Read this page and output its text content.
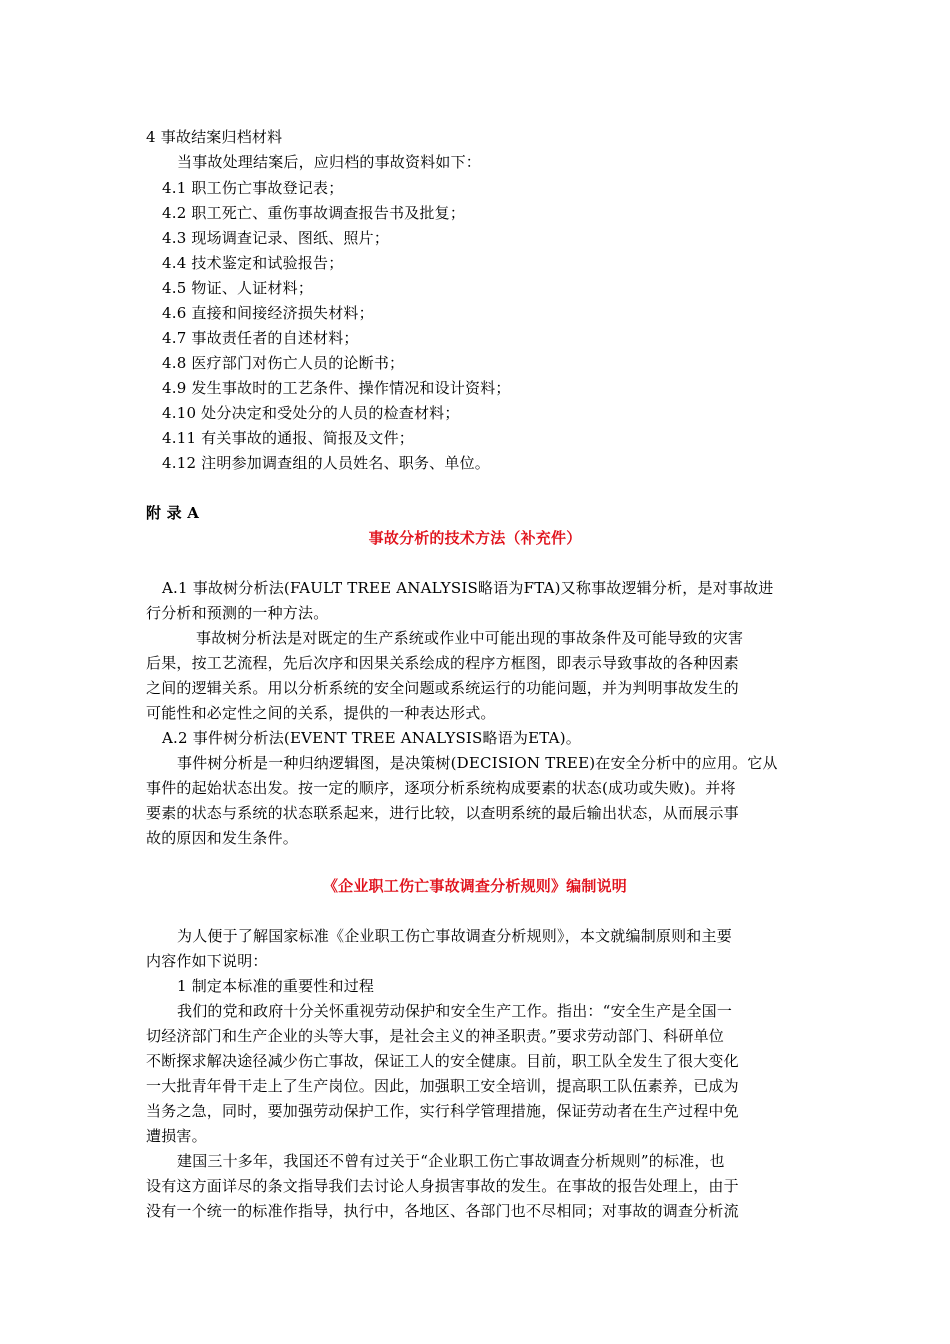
4 事故结案归档材料
当事故处理结案后，应归档的事故资料如下：
4.1 职工伤亡事故登记表；
4.2 职工死亡、重伤事故调查报告书及批复；
4.3 现场调查记录、图纸、照片；
4.4 技术鉴定和试验报告；
4.5 物证、人证材料；
4.6 直接和间接经济损失材料；
4.7 事故责任者的自述材料；
4.8 医疗部门对伤亡人员的论断书；
4.9 发生事故时的工艺条件、操作情况和设计资料；
4.10 处分决定和受处分的人员的检查材料；
4.11 有关事故的通报、简报及文件；
4.12 注明参加调查组的人员姓名、职务、单位。
附 录 A
事故分析的技术方法（补充件）
A.1 事故树分析法(FAULT TREE ANALYSIS略语为FTA)又称事故逻辑分析，是对事故进
行分析和预测的一种方法。
事故树分析法是对既定的生产系统或作业中可能出现的事故条件及可能导致的灾害
后果，按工艺流程，先后次序和因果关系绘成的程序方框图，即表示导致事故的各种因素
之间的逻辑关系。用以分析系统的安全问题或系统运行的功能问题，并为判明事故发生的
可能性和必定性之间的关系，提供的一种表达形式。
A.2 事件树分析法(EVENT TREE ANALYSIS略语为ETA)。
事件树分析是一种归纳逻辑图，是决策树(DECISION TREE)在安全分析中的应用。它从
事件的起始状态出发。按一定的顺序，逐项分析系统构成要素的状态(成功或失败)。并将
要素的状态与系统的状态联系起来，进行比较，以查明系统的最后输出状态，从而展示事
故的原因和发生条件。
《企业职工伤亡事故调查分析规则》编制说明
为人便于了解国家标准《企业职工伤亡事故调查分析规则》，本文就编制原则和主要
内容作如下说明：
1 制定本标准的重要性和过程
我们的党和政府十分关怀重视劳动保护和安全生产工作。指出：“安全生产是全国一
切经济部门和生产企业的头等大事，是社会主义的神圣职责。”要求劳动部门、科研单位
不断探求解决途径减少伤亡事故，保证工人的安全健康。目前，职工队全发生了很大变化
一大批青年骨干走上了生产岗位。因此，加强职工安全培训，提高职工队伍素养，已成为
当务之急，同时，要加强劳动保护工作，实行科学管理措施，保证劳动者在生产过程中免
遭损害。
建国三十多年，我国还不曾有过关于“企业职工伤亡事故调查分析规则”的标准，也
设有这方面详尽的条文指导我们去讨论人身损害事故的发生。在事故的报告处理上，由于
没有一个统一的标准作指导，执行中，各地区、各部门也不尽相同；对事故的调查分析流
